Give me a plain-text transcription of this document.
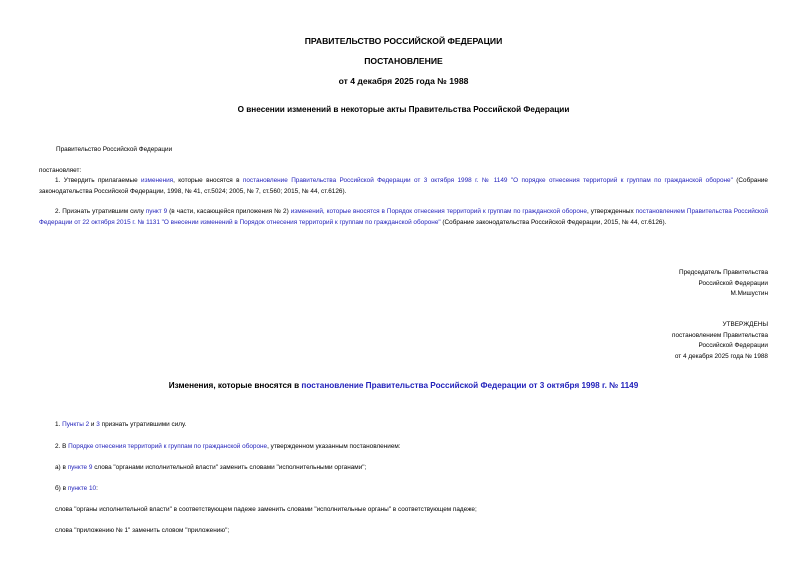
ПРАВИТЕЛЬСТВО РОССИЙСКОЙ ФЕДЕРАЦИИ
ПОСТАНОВЛЕНИЕ
от 4 декабря 2025 года № 1988
О внесении изменений в некоторые акты Правительства Российской Федерации
Правительство Российской Федерации
постановляет:
1. Утвердить прилагаемые изменения, которые вносятся в постановление Правительства Российской Федерации от 3 октября 1998 г. № 1149 "О порядке отнесения территорий к группам по гражданской обороне" (Собрание законодательства Российской Федерации, 1998, № 41, ст.5024; 2005, № 7, ст.560; 2015, № 44, ст.6126).
2. Признать утратившим силу пункт 9 (в части, касающейся приложения № 2) изменений, которые вносятся в Порядок отнесения территорий к группам по гражданской обороне, утвержденных постановлением Правительства Российской Федерации от 22 октября 2015 г. № 1131 "О внесении изменений в Порядок отнесения территорий к группам по гражданской обороне" (Собрание законодательства Российской Федерации, 2015, № 44, ст.6126).
Председатель Правительства
Российской Федерации
М.Мишустин
УТВЕРЖДЕНЫ
постановлением Правительства
Российской Федерации
от 4 декабря 2025 года № 1988
Изменения, которые вносятся в постановление Правительства Российской Федерации от 3 октября 1998 г. № 1149
1. Пункты 2 и 3 признать утратившими силу.
2. В Порядке отнесения территорий к группам по гражданской обороне, утвержденном указанным постановлением:
а) в пункте 9 слова "органами исполнительной власти" заменить словами "исполнительными органами";
б) в пункте 10:
слова "органы исполнительной власти" в соответствующем падеже заменить словами "исполнительные органы" в соответствующем падеже;
слова "приложению № 1" заменить словом "приложению";
